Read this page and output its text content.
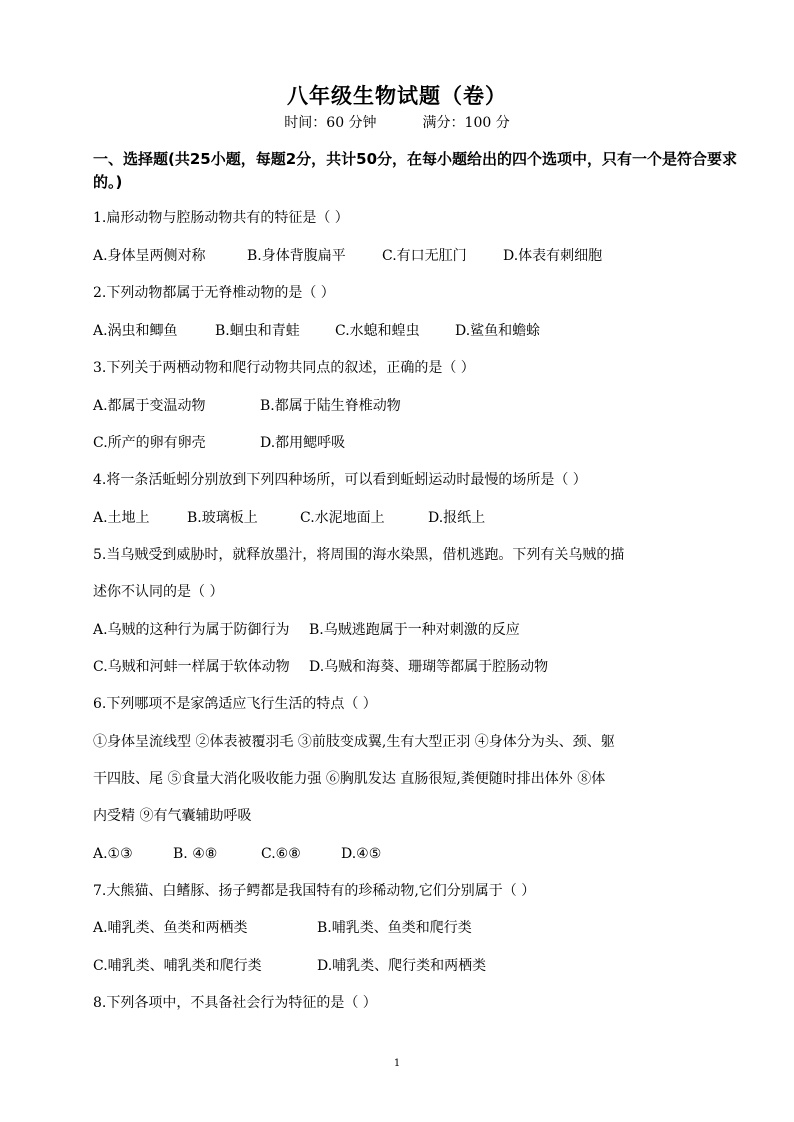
八年级生物试题（卷）
时间：60 分钟	满分：100 分
一、选择题(共25小题，每题2分，共计50分，在每小题给出的四个选项中，只有一个是符合要求的。)
1.扁形动物与腔肠动物共有的特征是（ ）
A.身体呈两侧对称	B.身体背腹扁平	C.有口无肛门	D.体表有刺细胞
2.下列动物都属于无脊椎动物的是（ ）
A.涡虫和鲫鱼	B.蛔虫和青蛙	C.水螅和蝗虫	D.鲨鱼和蟾蜍
3.下列关于两栖动物和爬行动物共同点的叙述，正确的是（ ）
A.都属于变温动物	B.都属于陆生脊椎动物
C.所产的卵有卵壳	D.都用鳃呼吸
4.将一条活蚯蚓分别放到下列四种场所，可以看到蚯蚓运动时最慢的场所是（ ）
A.土地上	B.玻璃板上	C.水泥地面上	D.报纸上
5.当乌贼受到威胁时，就释放墨汁，将周围的海水染黑，借机逃跑。下列有关乌贼的描
述你不认同的是（ ）
A.乌贼的这种行为属于防御行为 B.乌贼逃跑属于一种对刺激的反应
C.乌贼和河蚌一样属于软体动物 D.乌贼和海葵、珊瑚等都属于腔肠动物
6.下列哪项不是家鸽适应飞行生活的特点（ ）
①身体呈流线型 ②体表被覆羽毛 ③前肢变成翼,生有大型正羽 ④身体分为头、颈、躯
干四肢、尾 ⑤食量大消化吸收能力强 ⑥胸肌发达 直肠很短,粪便随时排出体外 ⑧体
内受精 ⑨有气囊辅助呼吸
A.①③	B. ④⑧	C.⑥⑧	D.④⑤
7.大熊猫、白鳍豚、扬子鳄都是我国特有的珍稀动物,它们分别属于（ ）
A.哺乳类、鱼类和两栖类	B.哺乳类、鱼类和爬行类
C.哺乳类、哺乳类和爬行类	D.哺乳类、爬行类和两栖类
8.下列各项中，不具备社会行为特征的是（ ）
1
